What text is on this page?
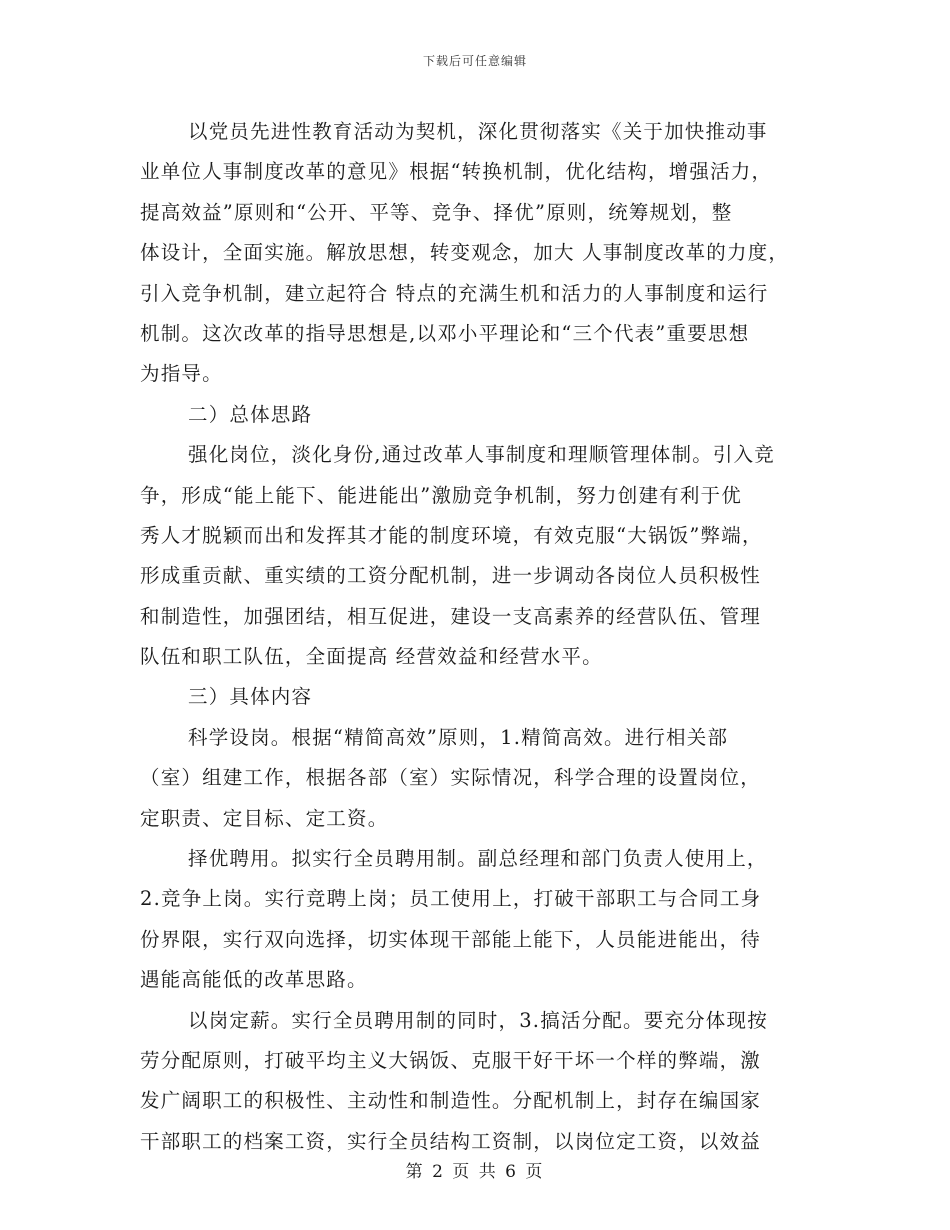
下载后可任意编辑
以党员先进性教育活动为契机，深化贯彻落实《关于加快推动事
业单位人事制度改革的意见》根据“转换机制，优化结构，增强活力，
提高效益”原则和“公开、平等、竞争、择优”原则，统筹规划，整
体设计，全面实施。解放思想，转变观念，加大 人事制度改革的力度，
引入竞争机制，建立起符合 特点的充满生机和活力的人事制度和运行
机制。这次改革的指导思想是,以邓小平理论和“三个代表”重要思想
为指导。
二）总体思路
强化岗位，淡化身份,通过改革人事制度和理顺管理体制。引入竞
争，形成“能上能下、能进能出”激励竞争机制，努力创建有利于优
秀人才脱颖而出和发挥其才能的制度环境，有效克服“大锅饭”弊端，
形成重贡献、重实绩的工资分配机制，进一步调动各岗位人员积极性
和制造性，加强团结，相互促进，建设一支高素养的经营队伍、管理
队伍和职工队伍，全面提高 经营效益和经营水平。
三）具体内容
科学设岗。根据“精简高效”原则，1.精简高效。进行相关部
（室）组建工作，根据各部（室）实际情况，科学合理的设置岗位，
定职责、定目标、定工资。
择优聘用。拟实行全员聘用制。副总经理和部门负责人使用上，
2.竞争上岗。实行竞聘上岗；员工使用上，打破干部职工与合同工身
份界限，实行双向选择，切实体现干部能上能下，人员能进能出，待
遇能高能低的改革思路。
以岗定薪。实行全员聘用制的同时，3.搞活分配。要充分体现按
劳分配原则，打破平均主义大锅饭、克服干好干坏一个样的弊端，激
发广阔职工的积极性、主动性和制造性。分配机制上，封存在编国家
干部职工的档案工资，实行全员结构工资制，以岗位定工资，以效益
第 2 页 共 6 页
